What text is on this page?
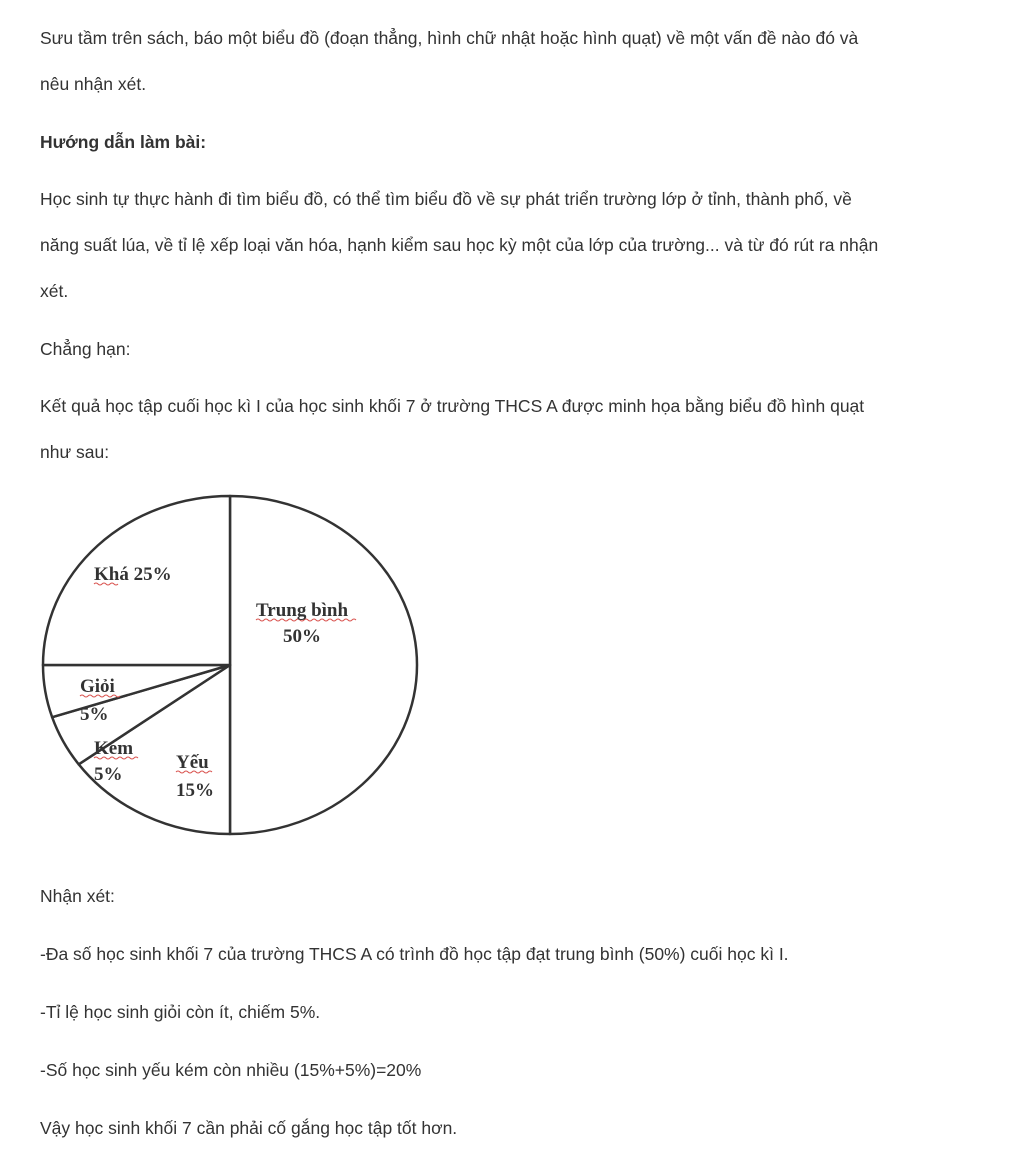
Sưu tầm trên sách, báo một biểu đồ (đoạn thẳng, hình chữ nhật hoặc hình quạt) về một vấn đề nào đó và
nêu nhận xét.
Hướng dẫn làm bài:
Học sinh tự thực hành đi tìm biểu đồ, có thể tìm biểu đồ về sự phát triển trường lớp ở tỉnh, thành phố, về
năng suất lúa, về tỉ lệ xếp loại văn hóa, hạnh kiểm sau học kỳ một của lớp của trường... và từ đó rút ra nhận
xét.
Chẳng hạn:
Kết quả học tập cuối học kì I của học sinh khối 7 ở trường THCS A được minh họa bằng biểu đồ hình quạt
như sau:
Nhận xét:
-Đa số học sinh khối 7 của trường THCS A có trình đồ học tập đạt trung bình (50%) cuối học kì I.
-Tỉ lệ học sinh giỏi còn ít, chiếm 5%.
-Số học sinh yếu kém còn nhiều (15%+5%)=20%
Vậy học sinh khối 7 cần phải cố gắng học tập tốt hơn.
Khá 25%
Trung bình
50%
Giỏi
5%
Kém
5%
Yếu
15%
